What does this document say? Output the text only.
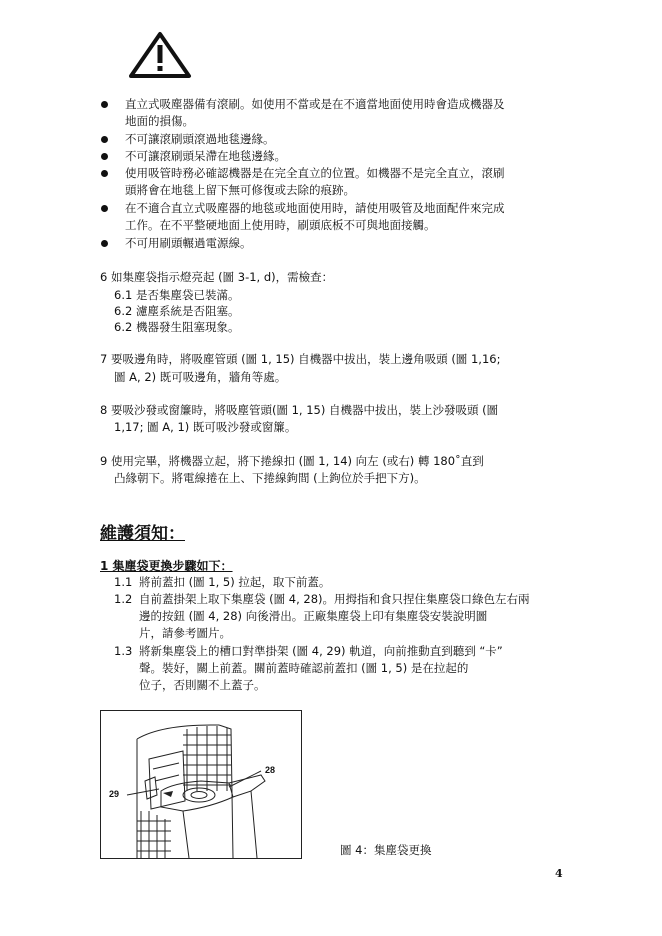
直立式吸塵器備有滾刷。如使用不當或是在不適當地面使用時會造成機器及
地面的損傷。
不可讓滾刷頭滾過地毯邊緣。
不可讓滾刷頭呆滯在地毯邊緣。
使用吸管時務必確認機器是在完全直立的位置。如機器不是完全直立，滾刷
頭將會在地毯上留下無可修復或去除的痕跡。
在不適合直立式吸塵器的地毯或地面使用時，請使用吸管及地面配件來完成
工作。在不平整硬地面上使用時，刷頭底板不可與地面接觸。
不可用刷頭輾過電源線。
6 如集塵袋指示燈亮起 (圖 3-1, d)，需檢查：
6.1 是否集塵袋已裝滿。
6.2 濾塵系統是否阻塞。
6.2 機器發生阻塞現象。
7 要吸邊角時，將吸塵管頭 (圖 1, 15) 自機器中拔出，裝上邊角吸頭 (圖 1,16;
圖 A, 2) 既可吸邊角，牆角等處。
8 要吸沙發或窗簾時，將吸塵管頭(圖 1, 15) 自機器中拔出，裝上沙發吸頭 (圖
1,17; 圖 A, 1) 既可吸沙發或窗簾。
9 使用完畢，將機器立起，將下捲線扣 (圖 1, 14) 向左 (或右) 轉 180˚直到
凸緣朝下。將電線捲在上、下捲線鉤間 (上鉤位於手把下方)。
維護須知：
1 集塵袋更換步驟如下：
1.1 將前蓋扣 (圖 1, 5) 拉起，取下前蓋。
1.2 自前蓋掛架上取下集塵袋 (圖 4, 28)。用拇指和食只捏住集塵袋口綠色左右兩
邊的按鈕 (圖 4, 28) 向後滑出。正廠集塵袋上印有集塵袋安裝說明圖
片，請參考圖片。
1.3 將新集塵袋上的槽口對準掛架 (圖 4, 29) 軌道，向前推動直到聽到 “卡”
聲。裝好，關上前蓋。關前蓋時確認前蓋扣 (圖 1, 5) 是在拉起的
位子，否則關不上蓋子。
28
29
圖 4：集塵袋更換
4
